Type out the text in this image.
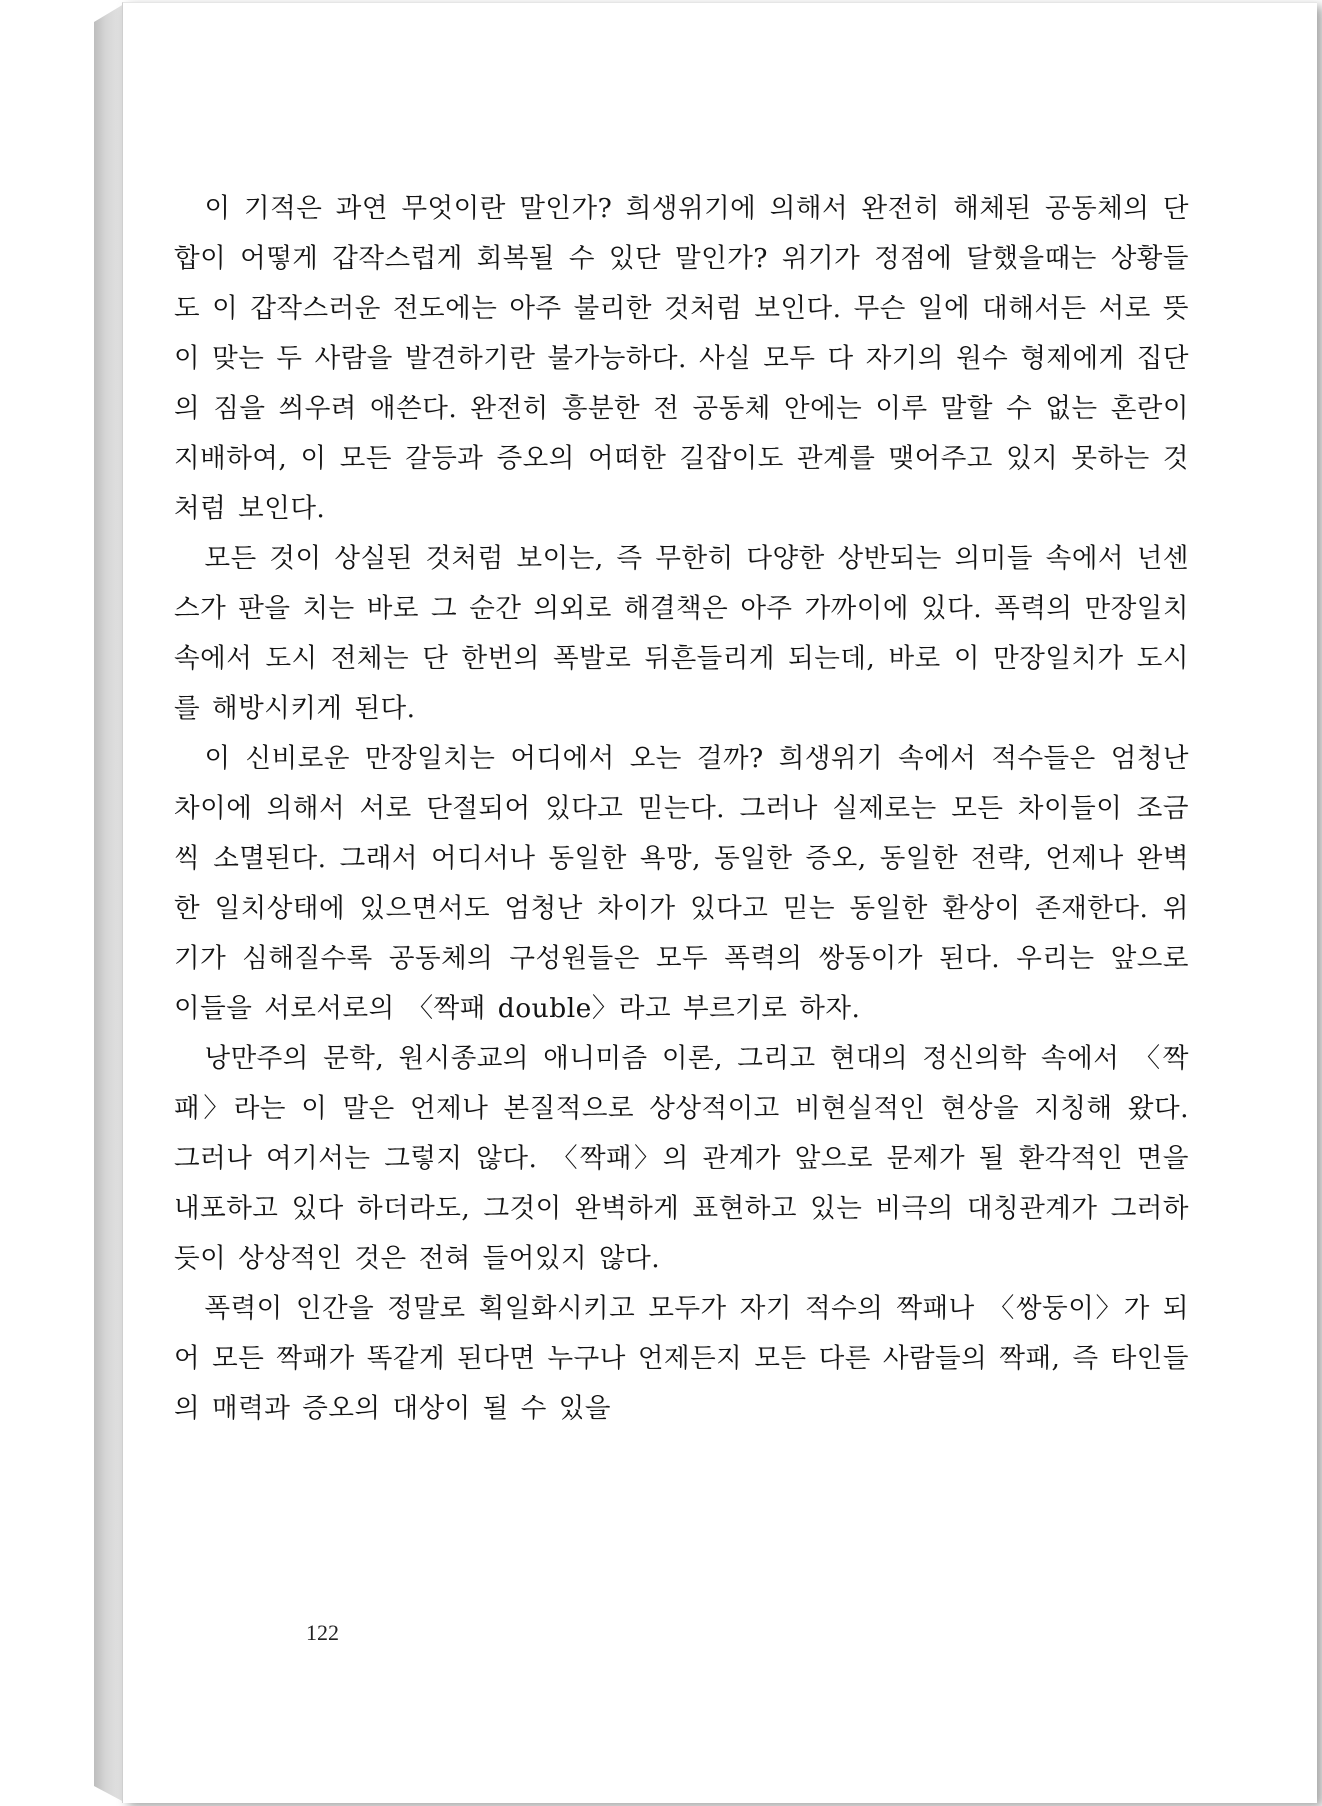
이 기적은 과연 무엇이란 말인가? 희생위기에 의해서 완전히 해체된 공동체의 단합이 어떻게 갑작스럽게 회복될 수 있단 말인가? 위기가 정점에 달했을때는 상황들도 이 갑작스러운 전도에는 아주 불리한 것처럼 보인다. 무슨 일에 대해서든 서로 뜻이 맞는 두 사람을 발견하기란 불가능하다. 사실 모두 다 자기의 원수 형제에게 집단의 짐을 씌우려 애쓴다. 완전히 흥분한 전 공동체 안에는 이루 말할 수 없는 혼란이 지배하여, 이 모든 갈등과 증오의 어떠한 길잡이도 관계를 맺어주고 있지 못하는 것처럼 보인다.

모든 것이 상실된 것처럼 보이는, 즉 무한히 다양한 상반되는 의미들 속에서 넌센스가 판을 치는 바로 그 순간 의외로 해결책은 아주 가까이에 있다. 폭력의 만장일치 속에서 도시 전체는 단 한번의 폭발로 뒤흔들리게 되는데, 바로 이 만장일치가 도시를 해방시키게 된다.

이 신비로운 만장일치는 어디에서 오는 걸까? 희생위기 속에서 적수들은 엄청난 차이에 의해서 서로 단절되어 있다고 믿는다. 그러나 실제로는 모든 차이들이 조금씩 소멸된다. 그래서 어디서나 동일한 욕망, 동일한 증오, 동일한 전략, 언제나 완벽한 일치상태에 있으면서도 엄청난 차이가 있다고 믿는 동일한 환상이 존재한다. 위기가 심해질수록 공동체의 구성원들은 모두 폭력의 쌍동이가 된다. 우리는 앞으로 이들을 서로서로의 〈짝패 double〉라고 부르기로 하자.

낭만주의 문학, 원시종교의 애니미즘 이론, 그리고 현대의 정신의학 속에서 〈짝패〉라는 이 말은 언제나 본질적으로 상상적이고 비현실적인 현상을 지칭해 왔다. 그러나 여기서는 그렇지 않다. 〈짝패〉의 관계가 앞으로 문제가 될 환각적인 면을 내포하고 있다 하더라도, 그것이 완벽하게 표현하고 있는 비극의 대칭관계가 그러하듯이 상상적인 것은 전혀 들어있지 않다.

폭력이 인간을 정말로 획일화시키고 모두가 자기 적수의 짝패나 〈쌍둥이〉가 되어 모든 짝패가 똑같게 된다면 누구나 언제든지 모든 다른 사람들의 짝패, 즉 타인들의 매력과 증오의 대상이 될 수 있을

122
